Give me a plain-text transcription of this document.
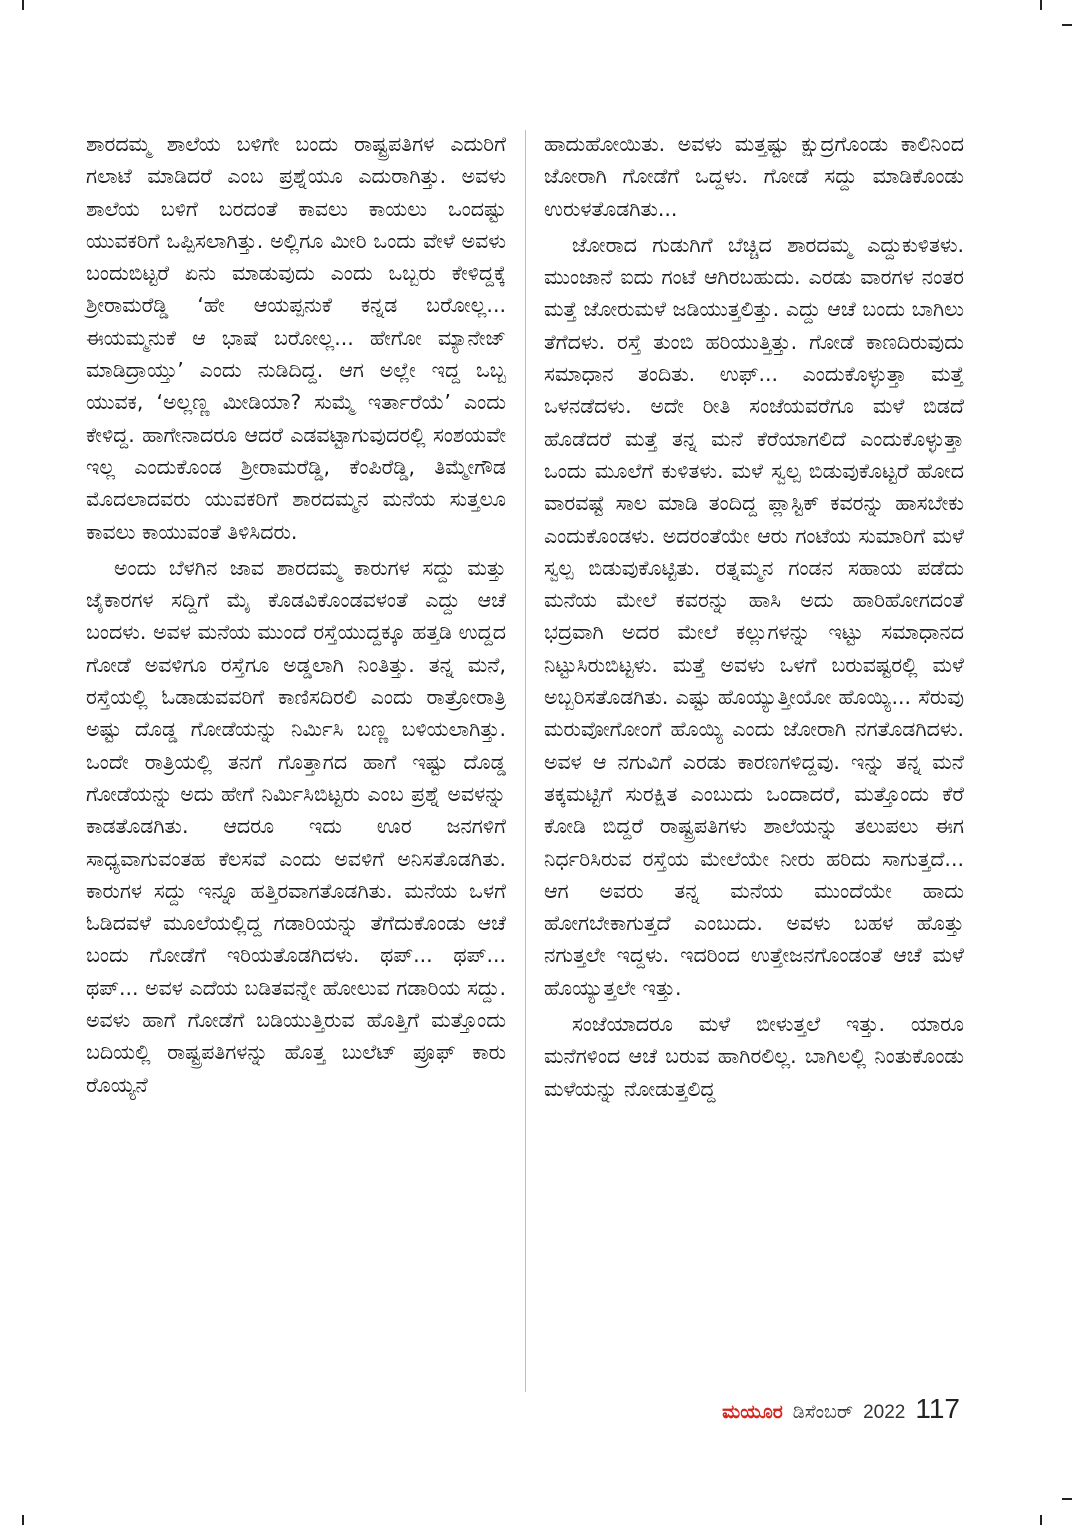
ಶಾರದಮ್ಮ ಶಾಲೆಯ ಬಳಿಗೇ ಬಂದು ರಾಷ್ಟ್ರಪತಿಗಳ ಎದುರಿಗೆ ಗಲಾಟೆ ಮಾಡಿದರೆ ಎಂಬ ಪ್ರಶ್ನೆಯೂ ಎದುರಾಗಿತ್ತು. ಅವಳು ಶಾಲೆಯ ಬಳಿಗೆ ಬರದಂತೆ ಕಾವಲು ಕಾಯಲು ಒಂದಷ್ಟು ಯುವಕರಿಗೆ ಒಪ್ಪಿಸಲಾಗಿತ್ತು. ಅಲ್ಲಿಗೂ ಮೀರಿ ಒಂದು ವೇಳೆ ಅವಳು ಬಂದುಬಿಟ್ಟರೆ ಏನು ಮಾಡುವುದು ಎಂದು ಒಬ್ಬರು ಕೇಳಿದ್ದಕ್ಕೆ ಶ್ರೀರಾಮರೆಡ್ಡಿ ‘ಹೇ ಆಯಪ್ಪನುಕೆ ಕನ್ನಡ ಬರೋಲ್ಲ... ಈಯಮ್ಮನುಕೆ ಆ ಭಾಷೆ ಬರೋಲ್ಲ... ಹೇಗೋ ಮ್ಯಾನೇಜ್ ಮಾಡಿದ್ರಾಯ್ತು’ ಎಂದು ನುಡಿದಿದ್ದ. ಆಗ ಅಲ್ಲೇ ಇದ್ದ ಒಬ್ಬ ಯುವಕ, ‘ಅಲ್ಲಣ್ಣ ಮೀಡಿಯಾ? ಸುಮ್ಮೆ ಇರ್ತಾರೆಯೆ’ ಎಂದು ಕೇಳಿದ್ದ. ಹಾಗೇನಾದರೂ ಆದರೆ ಎಡವಟ್ಟಾಗುವುದರಲ್ಲಿ ಸಂಶಯವೇ ಇಲ್ಲ ಎಂದುಕೊಂಡ ಶ್ರೀರಾಮರೆಡ್ಡಿ, ಕೆಂಪಿರೆಡ್ಡಿ, ತಿಮ್ಮೇಗೌಡ ಮೊದಲಾದವರು ಯುವಕರಿಗೆ ಶಾರದಮ್ಮನ ಮನೆಯ ಸುತ್ತಲೂ ಕಾವಲು ಕಾಯುವಂತೆ ತಿಳಿಸಿದರು.

ಅಂದು ಬೆಳಗಿನ ಜಾವ ಶಾರದಮ್ಮ ಕಾರುಗಳ ಸದ್ದು ಮತ್ತು ಜೈಕಾರಗಳ ಸದ್ದಿಗೆ ಮೈ ಕೊಡವಿಕೊಂಡವಳಂತೆ ಎದ್ದು ಆಚೆ ಬಂದಳು. ಅವಳ ಮನೆಯ ಮುಂದೆ ರಸ್ತೆಯುದ್ದಕ್ಕೂ ಹತ್ತಡಿ ಉದ್ದದ ಗೋಡೆ ಅವಳಿಗೂ ರಸ್ತೆಗೂ ಅಡ್ಡಲಾಗಿ ನಿಂತಿತ್ತು. ತನ್ನ ಮನೆ, ರಸ್ತೆಯಲ್ಲಿ ಓಡಾಡುವವರಿಗೆ ಕಾಣಿಸದಿರಲಿ ಎಂದು ರಾತ್ರೋರಾತ್ರಿ ಅಷ್ಟು ದೊಡ್ಡ ಗೋಡೆಯನ್ನು ನಿರ್ಮಿಸಿ ಬಣ್ಣ ಬಳಿಯಲಾಗಿತ್ತು. ಒಂದೇ ರಾತ್ರಿಯಲ್ಲಿ ತನಗೆ ಗೊತ್ತಾಗದ ಹಾಗೆ ಇಷ್ಟು ದೊಡ್ಡ ಗೋಡೆಯನ್ನು ಅದು ಹೇಗೆ ನಿರ್ಮಿಸಿಬಿಟ್ಟರು ಎಂಬ ಪ್ರಶ್ನೆ ಅವಳನ್ನು ಕಾಡತೊಡಗಿತು. ಆದರೂ ಇದು ಊರ ಜನಗಳಿಗೆ ಸಾಧ್ಯವಾಗುವಂತಹ ಕೆಲಸವೆ ಎಂದು ಅವಳಿಗೆ ಅನಿಸತೊಡಗಿತು. ಕಾರುಗಳ ಸದ್ದು ಇನ್ನೂ ಹತ್ತಿರವಾಗತೊಡಗಿತು. ಮನೆಯ ಒಳಗೆ ಓಡಿದವಳೆ ಮೂಲೆಯಲ್ಲಿದ್ದ ಗಡಾರಿಯನ್ನು ತೆಗೆದುಕೊಂಡು ಆಚೆ ಬಂದು ಗೋಡೆಗೆ ಇರಿಯತೊಡಗಿದಳು. ಥಪ್... ಥಪ್... ಥಪ್... ಅವಳ ಎದೆಯ ಬಡಿತವನ್ನೇ ಹೋಲುವ ಗಡಾರಿಯ ಸದ್ದು. ಅವಳು ಹಾಗೆ ಗೋಡೆಗೆ ಬಡಿಯುತ್ತಿರುವ ಹೊತ್ತಿಗೆ ಮತ್ತೊಂದು ಬದಿಯಲ್ಲಿ ರಾಷ್ಟ್ರಪತಿಗಳನ್ನು ಹೊತ್ತ ಬುಲೆಟ್ ಪ್ರೂಫ್ ಕಾರು ರೊಯ್ಯನೆ

ಹಾದುಹೋಯಿತು. ಅವಳು ಮತ್ತಷ್ಟು ಕ್ಷುದ್ರಗೊಂಡು ಕಾಲಿನಿಂದ ಜೋರಾಗಿ ಗೋಡೆಗೆ ಒದ್ದಳು. ಗೋಡೆ ಸದ್ದು ಮಾಡಿಕೊಂಡು ಉರುಳತೊಡಗಿತು...

ಜೋರಾದ ಗುಡುಗಿಗೆ ಬೆಚ್ಚಿದ ಶಾರದಮ್ಮ ಎದ್ದುಕುಳಿತಳು. ಮುಂಜಾನೆ ಐದು ಗಂಟೆ ಆಗಿರಬಹುದು. ಎರಡು ವಾರಗಳ ನಂತರ ಮತ್ತೆ ಜೋರುಮಳೆ ಜಡಿಯುತ್ತಲಿತ್ತು. ಎದ್ದು ಆಚೆ ಬಂದು ಬಾಗಿಲು ತೆಗೆದಳು. ರಸ್ತೆ ತುಂಬಿ ಹರಿಯುತ್ತಿತ್ತು. ಗೋಡೆ ಕಾಣದಿರುವುದು ಸಮಾಧಾನ ತಂದಿತು. ಉಫ್... ಎಂದುಕೊಳ್ಳುತ್ತಾ ಮತ್ತೆ ಒಳನಡೆದಳು. ಅದೇ ರೀತಿ ಸಂಜೆಯವರೆಗೂ ಮಳೆ ಬಿಡದೆ ಹೊಡೆದರೆ ಮತ್ತೆ ತನ್ನ ಮನೆ ಕೆರೆಯಾಗಲಿದೆ ಎಂದುಕೊಳ್ಳುತ್ತಾ ಒಂದು ಮೂಲೆಗೆ ಕುಳಿತಳು. ಮಳೆ ಸ್ವಲ್ಪ ಬಿಡುವುಕೊಟ್ಟರೆ ಹೋದ ವಾರವಷ್ಟೆ ಸಾಲ ಮಾಡಿ ತಂದಿದ್ದ ಪ್ಲಾಸ್ಟಿಕ್ ಕವರನ್ನು ಹಾಸಬೇಕು ಎಂದುಕೊಂಡಳು. ಅದರಂತೆಯೇ ಆರು ಗಂಟೆಯ ಸುಮಾರಿಗೆ ಮಳೆ ಸ್ವಲ್ಪ ಬಿಡುವುಕೊಟ್ಟಿತು. ರತ್ನಮ್ಮನ ಗಂಡನ ಸಹಾಯ ಪಡೆದು ಮನೆಯ ಮೇಲೆ ಕವರನ್ನು ಹಾಸಿ ಅದು ಹಾರಿಹೋಗದಂತೆ ಭದ್ರವಾಗಿ ಅದರ ಮೇಲೆ ಕಲ್ಲುಗಳನ್ನು ಇಟ್ಟು ಸಮಾಧಾನದ ನಿಟ್ಟುಸಿರುಬಿಟ್ಟಳು. ಮತ್ತೆ ಅವಳು ಒಳಗೆ ಬರುವಷ್ಟರಲ್ಲಿ ಮಳೆ ಅಬ್ಬರಿಸತೊಡಗಿತು. ಎಷ್ಟು ಹೊಯ್ಯುತ್ತೀಯೋ ಹೊಯ್ಯಿ... ಸೆರುವು ಮರುವೋಗೋಂಗೆ ಹೊಯ್ಯಿ ಎಂದು ಜೋರಾಗಿ ನಗತೊಡಗಿದಳು. ಅವಳ ಆ ನಗುವಿಗೆ ಎರಡು ಕಾರಣಗಳಿದ್ದವು. ಇನ್ನು ತನ್ನ ಮನೆ ತಕ್ಕಮಟ್ಟಿಗೆ ಸುರಕ್ಷಿತ ಎಂಬುದು ಒಂದಾದರೆ, ಮತ್ತೊಂದು ಕೆರೆ ಕೋಡಿ ಬಿದ್ದರೆ ರಾಷ್ಟ್ರಪತಿಗಳು ಶಾಲೆಯನ್ನು ತಲುಪಲು ಈಗ ನಿರ್ಧರಿಸಿರುವ ರಸ್ತೆಯ ಮೇಲೆಯೇ ನೀರು ಹರಿದು ಸಾಗುತ್ತದೆ... ಆಗ ಅವರು ತನ್ನ ಮನೆಯ ಮುಂದೆಯೇ ಹಾದು ಹೋಗಬೇಕಾಗುತ್ತದೆ ಎಂಬುದು. ಅವಳು ಬಹಳ ಹೊತ್ತು ನಗುತ್ತಲೇ ಇದ್ದಳು. ಇದರಿಂದ ಉತ್ತೇಜನಗೊಂಡಂತೆ ಆಚೆ ಮಳೆ ಹೊಯ್ಯುತ್ತಲೇ ಇತ್ತು.

ಸಂಜೆಯಾದರೂ ಮಳೆ ಬೀಳುತ್ತಲೆ ಇತ್ತು. ಯಾರೂ ಮನೆಗಳಿಂದ ಆಚೆ ಬರುವ ಹಾಗಿರಲಿಲ್ಲ. ಬಾಗಿಲಲ್ಲಿ ನಿಂತುಕೊಂಡು ಮಳೆಯನ್ನು ನೋಡುತ್ತಲಿದ್ದ

ಮಯೂರ ಡಿಸೆಂಬರ್ 2022 117
